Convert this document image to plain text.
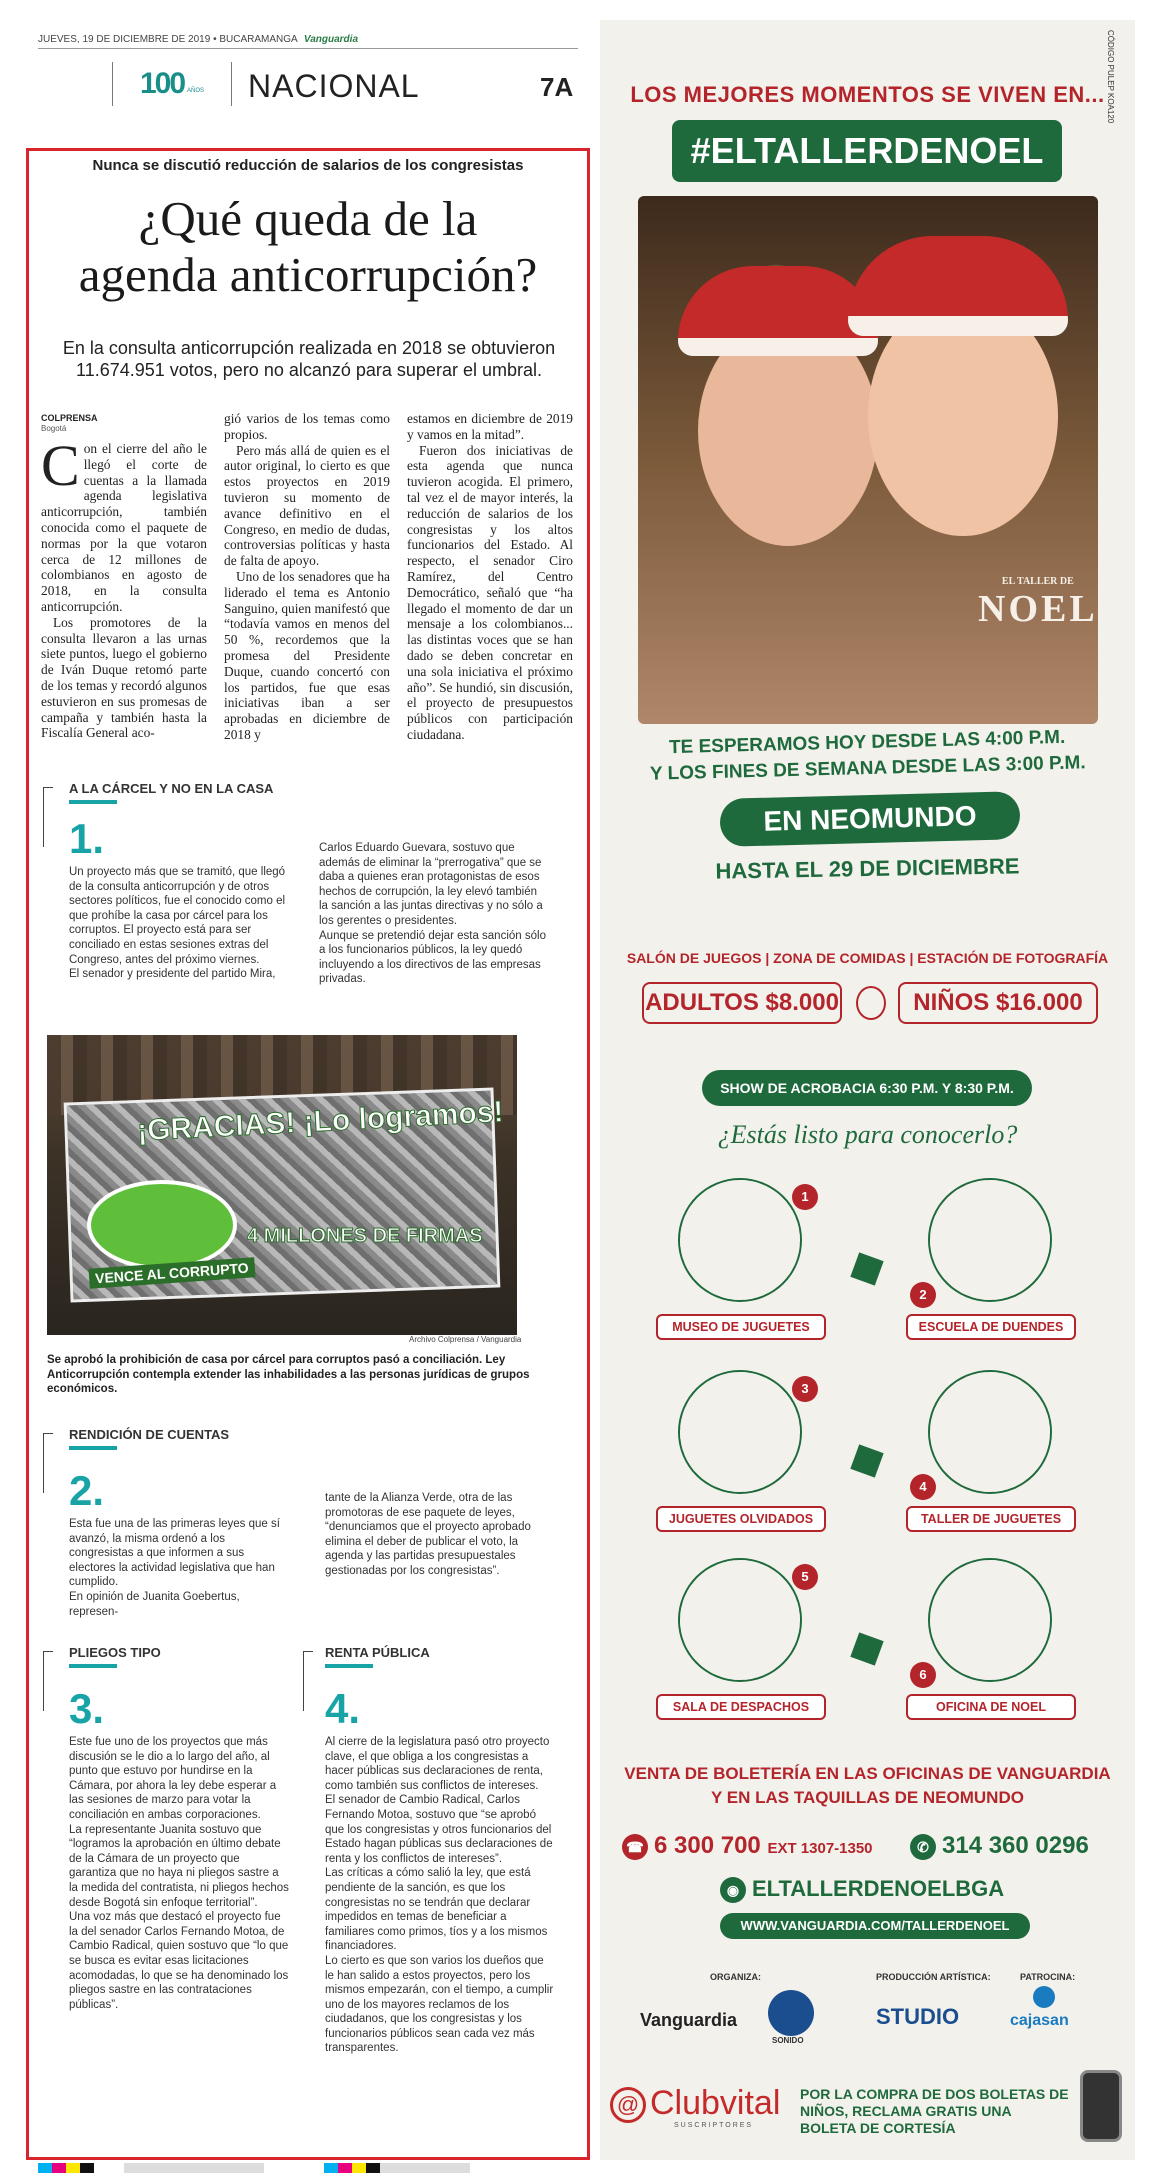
JUEVES, 19 DE DICIEMBRE DE 2019 • BUCARAMANGA Vanguardia
100 AÑOS NACIONAL	7A
Nunca se discutió reducción de salarios de los congresistas
¿Qué queda de la
agenda anticorrupción?
En la consulta anticorrupción realizada en 2018 se obtuvieron 11.674.951 votos, pero no alcanzó para superar el umbral.
COLPRENSA
Bogotá

Con el cierre del año le llegó el corte de cuentas a la llamada agenda legislativa anticorrupción, también conocida como el paquete de normas por la que votaron cerca de 12 millones de colombianos en agosto de 2018, en la consulta anticorrupción.

Los promotores de la consulta llevaron a las urnas siete puntos, luego el gobierno de Iván Duque retomó parte de los temas y recordó algunos estuvieron en sus promesas de campaña y también hasta la Fiscalía General aco-

gió varios de los temas como propios.

Pero más allá de quien es el autor original, lo cierto es que estos proyectos en 2019 tuvieron su momento de avance definitivo en el Congreso, en medio de dudas, controversias políticas y hasta de falta de apoyo.

Uno de los senadores que ha liderado el tema es Antonio Sanguino, quien manifestó que “todavía vamos en menos del 50 %, recordemos que la promesa del Presidente Duque, cuando concertó con los partidos, fue que esas iniciativas iban a ser aprobadas en diciembre de 2018 y

estamos en diciembre de 2019 y vamos en la mitad”.

Fueron dos iniciativas de esta agenda que nunca tuvieron acogida. El primero, tal vez el de mayor interés, la reducción de salarios de los congresistas y los altos funcionarios del Estado. Al respecto, el senador Ciro Ramírez, del Centro Democrático, señaló que “ha llegado el momento de dar un mensaje a los colombianos... las distintas voces que se han dado se deben concretar en una sola iniciativa el próximo año”. Se hundió, sin discusión, el proyecto de presupuestos públicos con participación ciudadana.

A LA CÁRCEL Y NO EN LA CASA
1.
Un proyecto más que se tramitó, que llegó de la consulta anticorrupción y de otros sectores políticos, fue el conocido como el que prohíbe la casa por cárcel para los corruptos. El proyecto está para ser conciliado en estas sesiones extras del Congreso, antes del próximo viernes.
El senador y presidente del partido Mira,
Carlos Eduardo Guevara, sostuvo que además de eliminar la “prerrogativa” que se daba a quienes eran protagonistas de esos hechos de corrupción, la ley elevó también la sanción a las juntas directivas y no sólo a los gerentes o presidentes.
Aunque se pretendió dejar esta sanción sólo a los funcionarios públicos, la ley quedó incluyendo a los directivos de las empresas privadas.
¡GRACIAS! ¡Lo logramos!
VENCE AL CORRUPTO
4 MILLONES DE FIRMAS
Archivo Colprensa / Vanguardia
Se aprobó la prohibición de casa por cárcel para corruptos pasó a conciliación. Ley Anticorrupción contempla extender las inhabilidades a las personas jurídicas de grupos económicos.
RENDICIÓN DE CUENTAS
2.
Esta fue una de las primeras leyes que sí avanzó, la misma ordenó a los congresistas a que informen a sus electores la actividad legislativa que han cumplido.
En opinión de Juanita Goebertus, represen-
tante de la Alianza Verde, otra de las promotoras de ese paquete de leyes, “denunciamos que el proyecto aprobado elimina el deber de publicar el voto, la agenda y las partidas presupuestales gestionadas por los congresistas”.
PLIEGOS TIPO
3.
Este fue uno de los proyectos que más discusión se le dio a lo largo del año, al punto que estuvo por hundirse en la Cámara, por ahora la ley debe esperar a las sesiones de marzo para votar la conciliación en ambas corporaciones.
La representante Juanita sostuvo que “logramos la aprobación en último debate de la Cámara de un proyecto que garantiza que no haya ni pliegos sastre a la medida del contratista, ni pliegos hechos desde Bogotá sin enfoque territorial”.
Una voz más que destacó el proyecto fue la del senador Carlos Fernando Motoa, de Cambio Radical, quien sostuvo que “lo que se busca es evitar esas licitaciones acomodadas, lo que se ha denominado los pliegos sastre en las contrataciones públicas”.
RENTA PÚBLICA
4.
Al cierre de la legislatura pasó otro proyecto clave, el que obliga a los congresistas a hacer públicas sus declaraciones de renta, como también sus conflictos de intereses.
El senador de Cambio Radical, Carlos Fernando Motoa, sostuvo que “se aprobó que los congresistas y otros funcionarios del Estado hagan públicas sus declaraciones de renta y los conflictos de intereses”.
Las críticas a cómo salió la ley, que está pendiente de la sanción, es que los congresistas no se tendrán que declarar impedidos en temas de beneficiar a familiares como primos, tíos y a los mismos financiadores.
Lo cierto es que son varios los dueños que le han salido a estos proyectos, pero los mismos empezarán, con el tiempo, a cumplir uno de los mayores reclamos de los ciudadanos, que los congresistas y los funcionarios públicos sean cada vez más transparentes.
CÓDIGO PULEP KOA120
LOS MEJORES MOMENTOS SE VIVEN EN...
#ELTALLERDENOEL
EL TALLER DE
NOEL
TE ESPERAMOS HOY DESDE LAS 4:00 P.M.
Y LOS FINES DE SEMANA DESDE LAS 3:00 P.M.
EN NEOMUNDO
HASTA EL 29 DE DICIEMBRE
SALÓN DE JUEGOS | ZONA DE COMIDAS | ESTACIÓN DE FOTOGRAFÍA
ADULTOS $8.000	NIÑOS $16.000
SHOW DE ACROBACIA 6:30 P.M. Y 8:30 P.M.
¿Estás listo para conocerlo?
1
MUSEO DE JUGUETES
2
ESCUELA DE DUENDES
3
JUGUETES OLVIDADOS
4
TALLER DE JUGUETES
5
SALA DE DESPACHOS
6
OFICINA DE NOEL
VENTA DE BOLETERÍA EN LAS OFICINAS DE VANGUARDIA
Y EN LAS TAQUILLAS DE NEOMUNDO
☎ 6 300 700 EXT 1307-1350	✆ 314 360 0296
◉ ELTALLERDENOELBGA
WWW.VANGUARDIA.COM/TALLERDENOEL
ORGANIZA:	PRODUCCIÓN ARTÍSTICA:	PATROCINA:
Vanguardia
SONIDO
STUDIO	cajasan
@ Clubvital
SUSCRIPTORES
POR LA COMPRA DE DOS BOLETAS DE NIÑOS, RECLAMA GRATIS UNA BOLETA DE CORTESÍA
